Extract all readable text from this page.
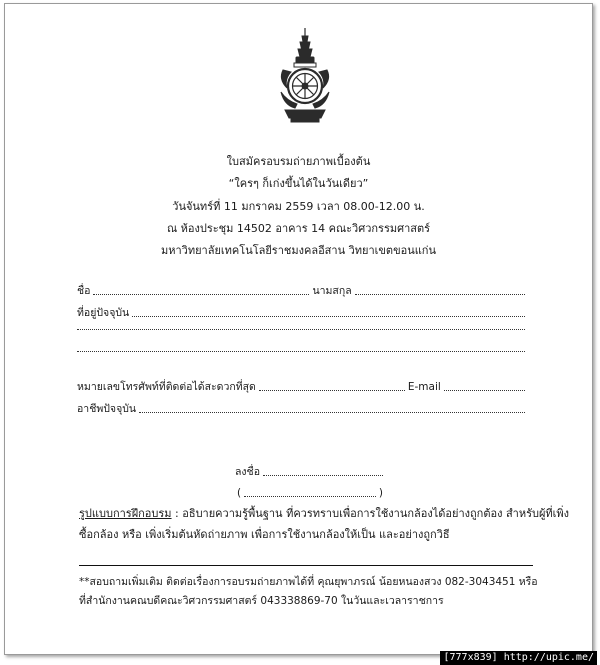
ใบสมัครอบรมถ่ายภาพเบื้องต้น
“ใครๆ ก็เก่งขึ้นได้ในวันเดียว”
วันจันทร์ที่ 11 มกราคม 2559 เวลา 08.00-12.00 น.
ณ ห้องประชุม 14502 อาคาร 14 คณะวิศวกรรมศาสตร์
มหาวิทยาลัยเทคโนโลยีราชมงคลอีสาน วิทยาเขตขอนแก่น
ชื่อ	นามสกุล
ที่อยู่ปัจจุบัน
หมายเลขโทรศัพท์ที่ติดต่อได้สะดวกที่สุด	E-mail
อาชีพปัจจุบัน
ลงชื่อ
(	)
รูปแบบการฝึกอบรม : อธิบายความรู้พื้นฐาน ที่ควรทราบเพื่อการใช้งานกล้องได้อย่างถูกต้อง สำหรับผู้ที่เพิ่ง
ซื้อกล้อง หรือ เพิ่งเริ่มต้นหัดถ่ายภาพ เพื่อการใช้งานกล้องให้เป็น และอย่างถูกวิธี
**สอบถามเพิ่มเติม ติดต่อเรื่องการอบรมถ่ายภาพได้ที่ คุณยุพาภรณ์ น้อยหนองสวง 082-3043451 หรือ
ที่สำนักงานคณบดีคณะวิศวกรรมศาสตร์ 043338869-70 ในวันและเวลาราชการ
[777x839] http://upic.me/
